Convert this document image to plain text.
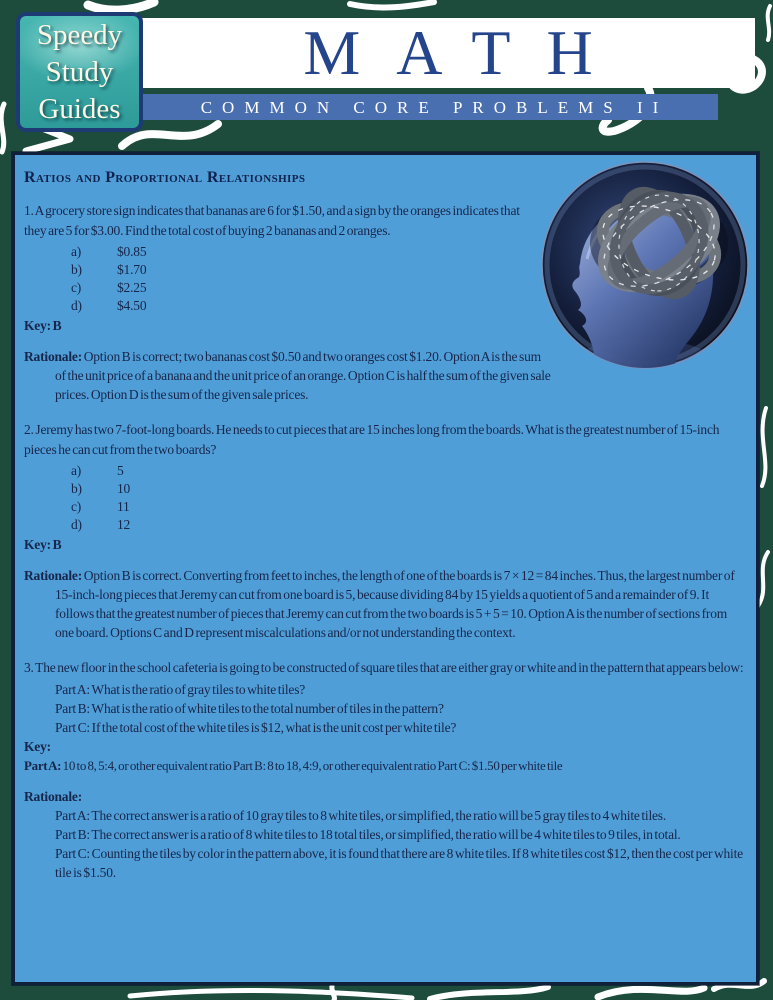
Speedy
Study
Guides
MATH
COMMON CORE PROBLEMS II
Ratios and Proportional Relationships

1. A grocery store sign indicates that bananas are 6 for $1.50, and a sign by the oranges indicates that they are 5 for $3.00. Find the total cost of buying 2 bananas and 2 oranges.

a)	$0.85
b)	$1.70
c)	$2.25
d)	$4.50

Key: B

Rationale: Option B is correct; two bananas cost $0.50 and two oranges cost $1.20. Option A is the sum of the unit price of a banana and the unit price of an orange. Option C is half the sum of the given sale prices. Option D is the sum of the given sale prices.

2. Jeremy has two 7-foot-long boards. He needs to cut pieces that are 15 inches long from the boards. What is the greatest number of 15-inch pieces he can cut from the two boards?

a)	5
b)	10
c)	11
d)	12

Key: B

Rationale: Option B is correct. Converting from feet to inches, the length of one of the boards is 7 × 12 = 84 inches. Thus, the largest number of 15-inch-long pieces that Jeremy can cut from one board is 5, because dividing 84 by 15 yields a quotient of 5 and a remainder of 9. It follows that the greatest number of pieces that Jeremy can cut from the two boards is 5 + 5 = 10. Option A is the number of sections from one board. Options C and D represent miscalculations and/or not understanding the context.

3. The new floor in the school cafeteria is going to be constructed of square tiles that are either gray or white and in the pattern that appears below:

Part A: What is the ratio of gray tiles to white tiles?
Part B: What is the ratio of white tiles to the total number of tiles in the pattern?
Part C: If the total cost of the white tiles is $12, what is the unit cost per white tile?

Key:

Part A: 10 to 8, 5:4, or other equivalent ratio Part B: 8 to 18, 4:9, or other equivalent ratio Part C: $1.50 per white tile

Rationale:

Part A: The correct answer is a ratio of 10 gray tiles to 8 white tiles, or simplified, the ratio will be 5 gray tiles to 4 white tiles.
Part B: The correct answer is a ratio of 8 white tiles to 18 total tiles, or simplified, the ratio will be 4 white tiles to 9 tiles, in total.
Part C: Counting the tiles by color in the pattern above, it is found that there are 8 white tiles. If 8 white tiles cost $12, then the cost per white tile is $1.50.
